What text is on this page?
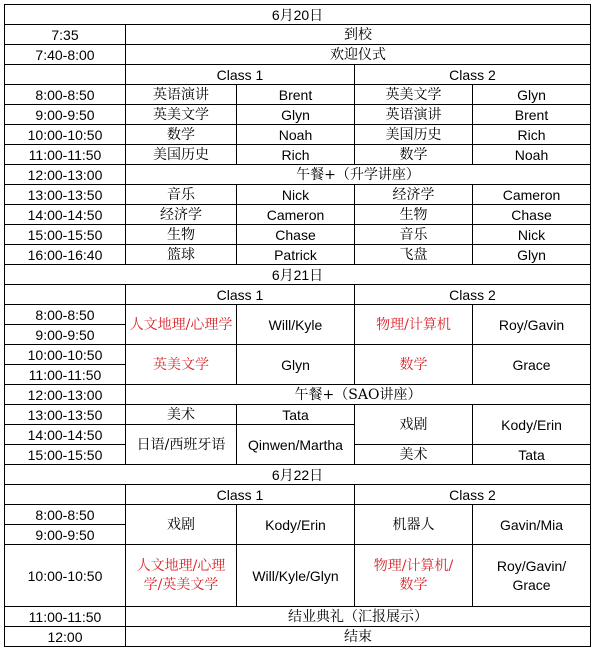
6月20日				
7:35	到校			
7:40-8:00	欢迎仪式			
	Class 1		Class 2	
8:00-8:50	英语演讲	Brent	英美文学	Glyn
9:00-9:50	英美文学	Glyn	英语演讲	Brent
10:00-10:50	数学	Noah	美国历史	Rich
11:00-11:50	美国历史	Rich	数学	Noah
12:00-13:00	午餐+（升学讲座）			
13:00-13:50	音乐	Nick	经济学	Cameron
14:00-14:50	经济学	Cameron	生物	Chase
15:00-15:50	生物	Chase	音乐	Nick
16:00-16:40	篮球	Patrick	飞盘	Glyn
6月21日				
	Class 1		Class 2	
8:00-8:50	人文地理/心理学	Will/Kyle	物理/计算机	Roy/Gavin
9:00-9:50				
10:00-10:50	英美文学	Glyn	数学	Grace
11:00-11:50				
12:00-13:00	午餐+（SAO讲座）			
13:00-13:50	美术	Tata	戏剧	Kody/Erin
14:00-14:50	日语/西班牙语	Qinwen/Martha		
15:00-15:50			美术	Tata
6月22日				
	Class 1		Class 2	
8:00-8:50	戏剧	Kody/Erin	机器人	Gavin/Mia
9:00-9:50				
10:00-10:50	人文地理/心理学/英美文学	Will/Kyle/Glyn	物理/计算机/数学	Roy/Gavin/Grace
11:00-11:50	结业典礼（汇报展示）			
12:00	结束			
